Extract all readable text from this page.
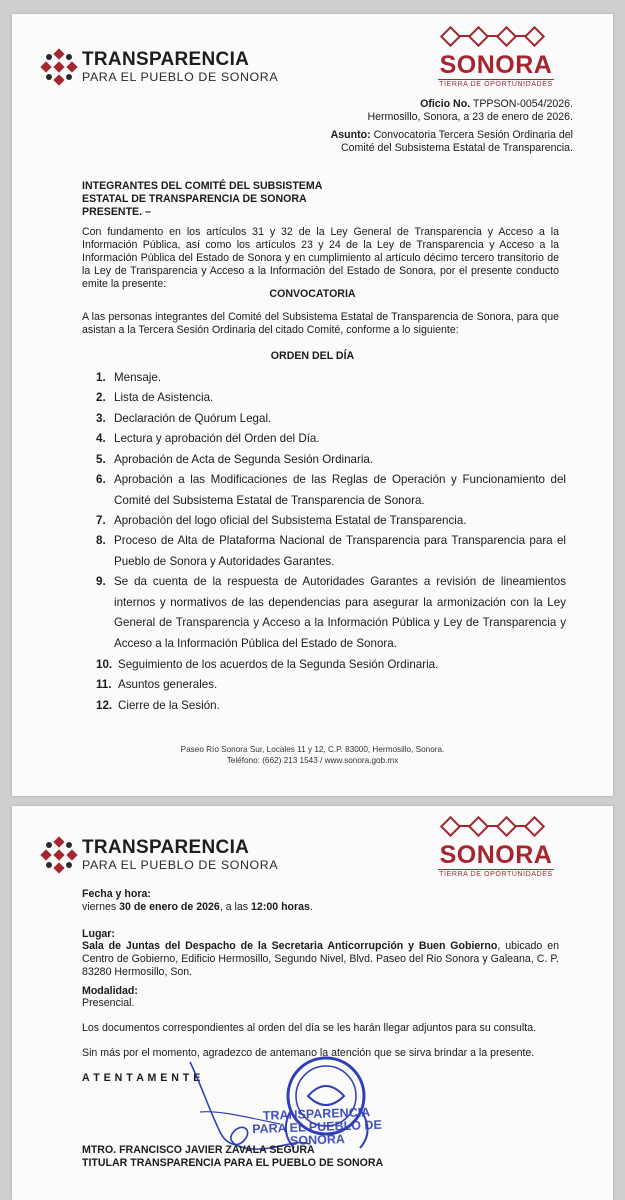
TRANSPARENCIA
PARA EL PUEBLO DE SONORA	SONORA
TIERRA DE OPORTUNIDADES
Oficio No. TPPSON-0054/2026.
Hermosillo, Sonora, a 23 de enero de 2026.
Asunto: Convocatoria Tercera Sesión Ordinaria del
Comité del Subsistema Estatal de Transparencia.
INTEGRANTES DEL COMITÉ DEL SUBSISTEMA
ESTATAL DE TRANSPARENCIA DE SONORA
PRESENTE. –
Con fundamento en los artículos 31 y 32 de la Ley General de Transparencia y Acceso a la Información Pública, así como los artículos 23 y 24 de la Ley de Transparencia y Acceso a la Información Pública del Estado de Sonora y en cumplimiento al artículo décimo tercero transitorio de la Ley de Transparencia y Acceso a la Información del Estado de Sonora, por el presente conducto emite la presente:
CONVOCATORIA
A las personas integrantes del Comité del Subsistema Estatal de Transparencia de Sonora, para que asistan a la Tercera Sesión Ordinaria del citado Comité, conforme a lo siguiente:
ORDEN DEL DÍA
1. Mensaje.
2. Lista de Asistencia.
3. Declaración de Quórum Legal.
4. Lectura y aprobación del Orden del Día.
5. Aprobación de Acta de Segunda Sesión Ordinaria.
6. Aprobación a las Modificaciones de las Reglas de Operación y Funcionamiento del Comité del Subsistema Estatal de Transparencia de Sonora.
7. Aprobación del logo oficial del Subsistema Estatal de Transparencia.
8. Proceso de Alta de Plataforma Nacional de Transparencia para Transparencia para el Pueblo de Sonora y Autoridades Garantes.
9. Se da cuenta de la respuesta de Autoridades Garantes a revisión de lineamientos internos y normativos de las dependencias para asegurar la armonización con la Ley General de Transparencia y Acceso a la Información Pública y Ley de Transparencia y Acceso a la Información Pública del Estado de Sonora.
10. Seguimiento de los acuerdos de la Segunda Sesión Ordinaria.
11. Asuntos generales.
12. Cierre de la Sesión.
Paseo Río Sonora Sur, Locales 11 y 12, C.P. 83000, Hermosillo, Sonora.
Teléfono: (662) 213 1543 / www.sonora.gob.mx
TRANSPARENCIA
PARA EL PUEBLO DE SONORA	SONORA
TIERRA DE OPORTUNIDADES
Fecha y hora:
viernes 30 de enero de 2026, a las 12:00 horas.
Lugar:
Sala de Juntas del Despacho de la Secretaria Anticorrupción y Buen Gobierno, ubicado en Centro de Gobierno, Edificio Hermosillo, Segundo Nivel, Blvd. Paseo del Rio Sonora y Galeana, C. P. 83280 Hermosillo, Son.
Modalidad:
Presencial.
Los documentos correspondientes al orden del día se les harán llegar adjuntos para su consulta.
Sin más por el momento, agradezco de antemano la atención que se sirva brindar a la presente.
A T E N T A M E N T E
TRANSPARENCIA PARA EL PUEBLO DE SONORA
MTRO. FRANCISCO JAVIER ZAVALA SEGURA
TITULAR TRANSPARENCIA PARA EL PUEBLO DE SONORA
